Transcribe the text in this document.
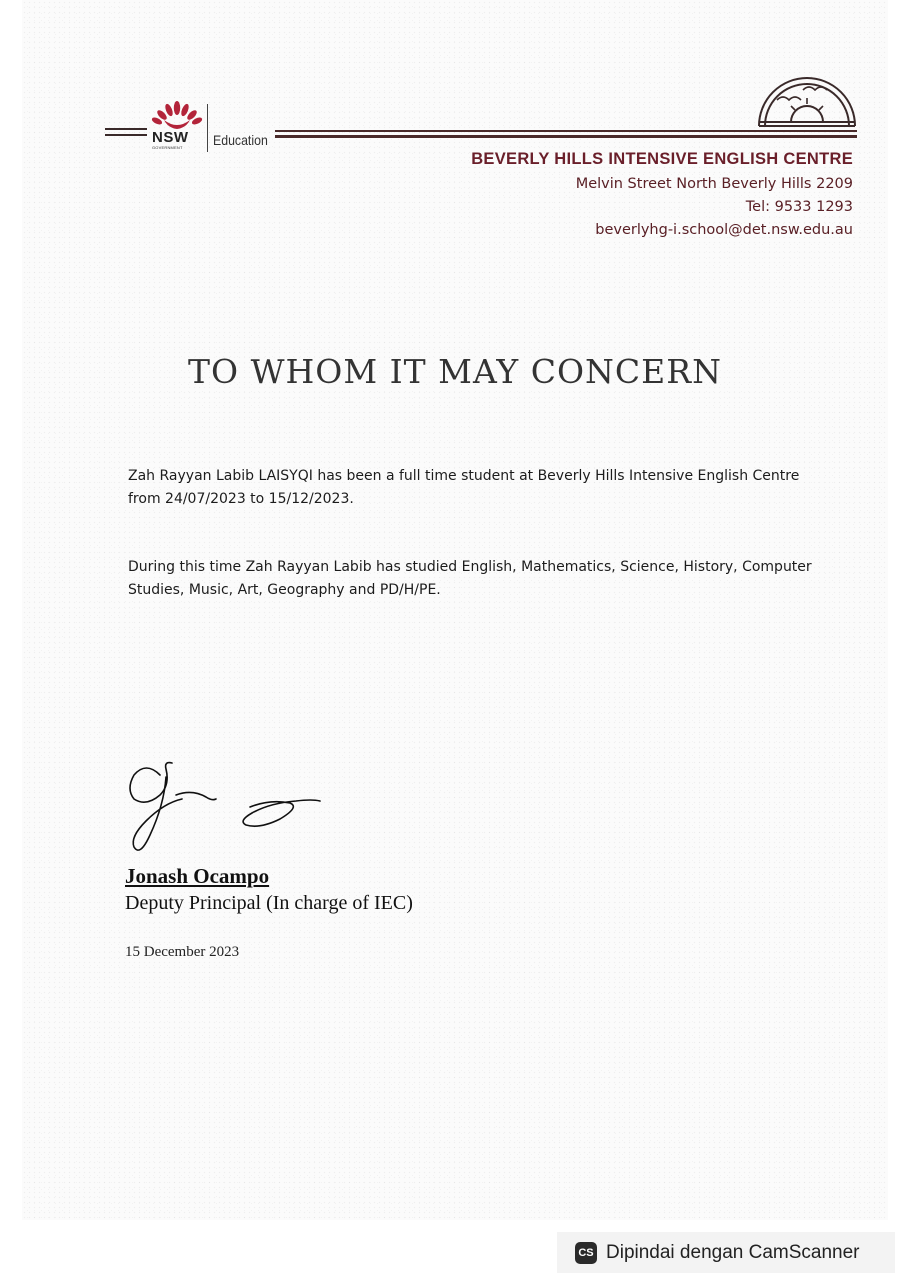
NSW
GOVERNMENT Education
BEVERLY HILLS INTENSIVE ENGLISH CENTRE
Melvin Street North Beverly Hills 2209
Tel: 9533 1293
beverlyhg-i.school@det.nsw.edu.au
TO WHOM IT MAY CONCERN
Zah Rayyan Labib LAISYQI has been a full time student at Beverly Hills Intensive English Centre
from 24/07/2023 to 15/12/2023.
During this time Zah Rayyan Labib has studied English, Mathematics, Science, History, Computer
Studies, Music, Art, Geography and PD/H/PE.
Jonash Ocampo
Deputy Principal (In charge of IEC)
15 December 2023
CS Dipindai dengan CamScanner
